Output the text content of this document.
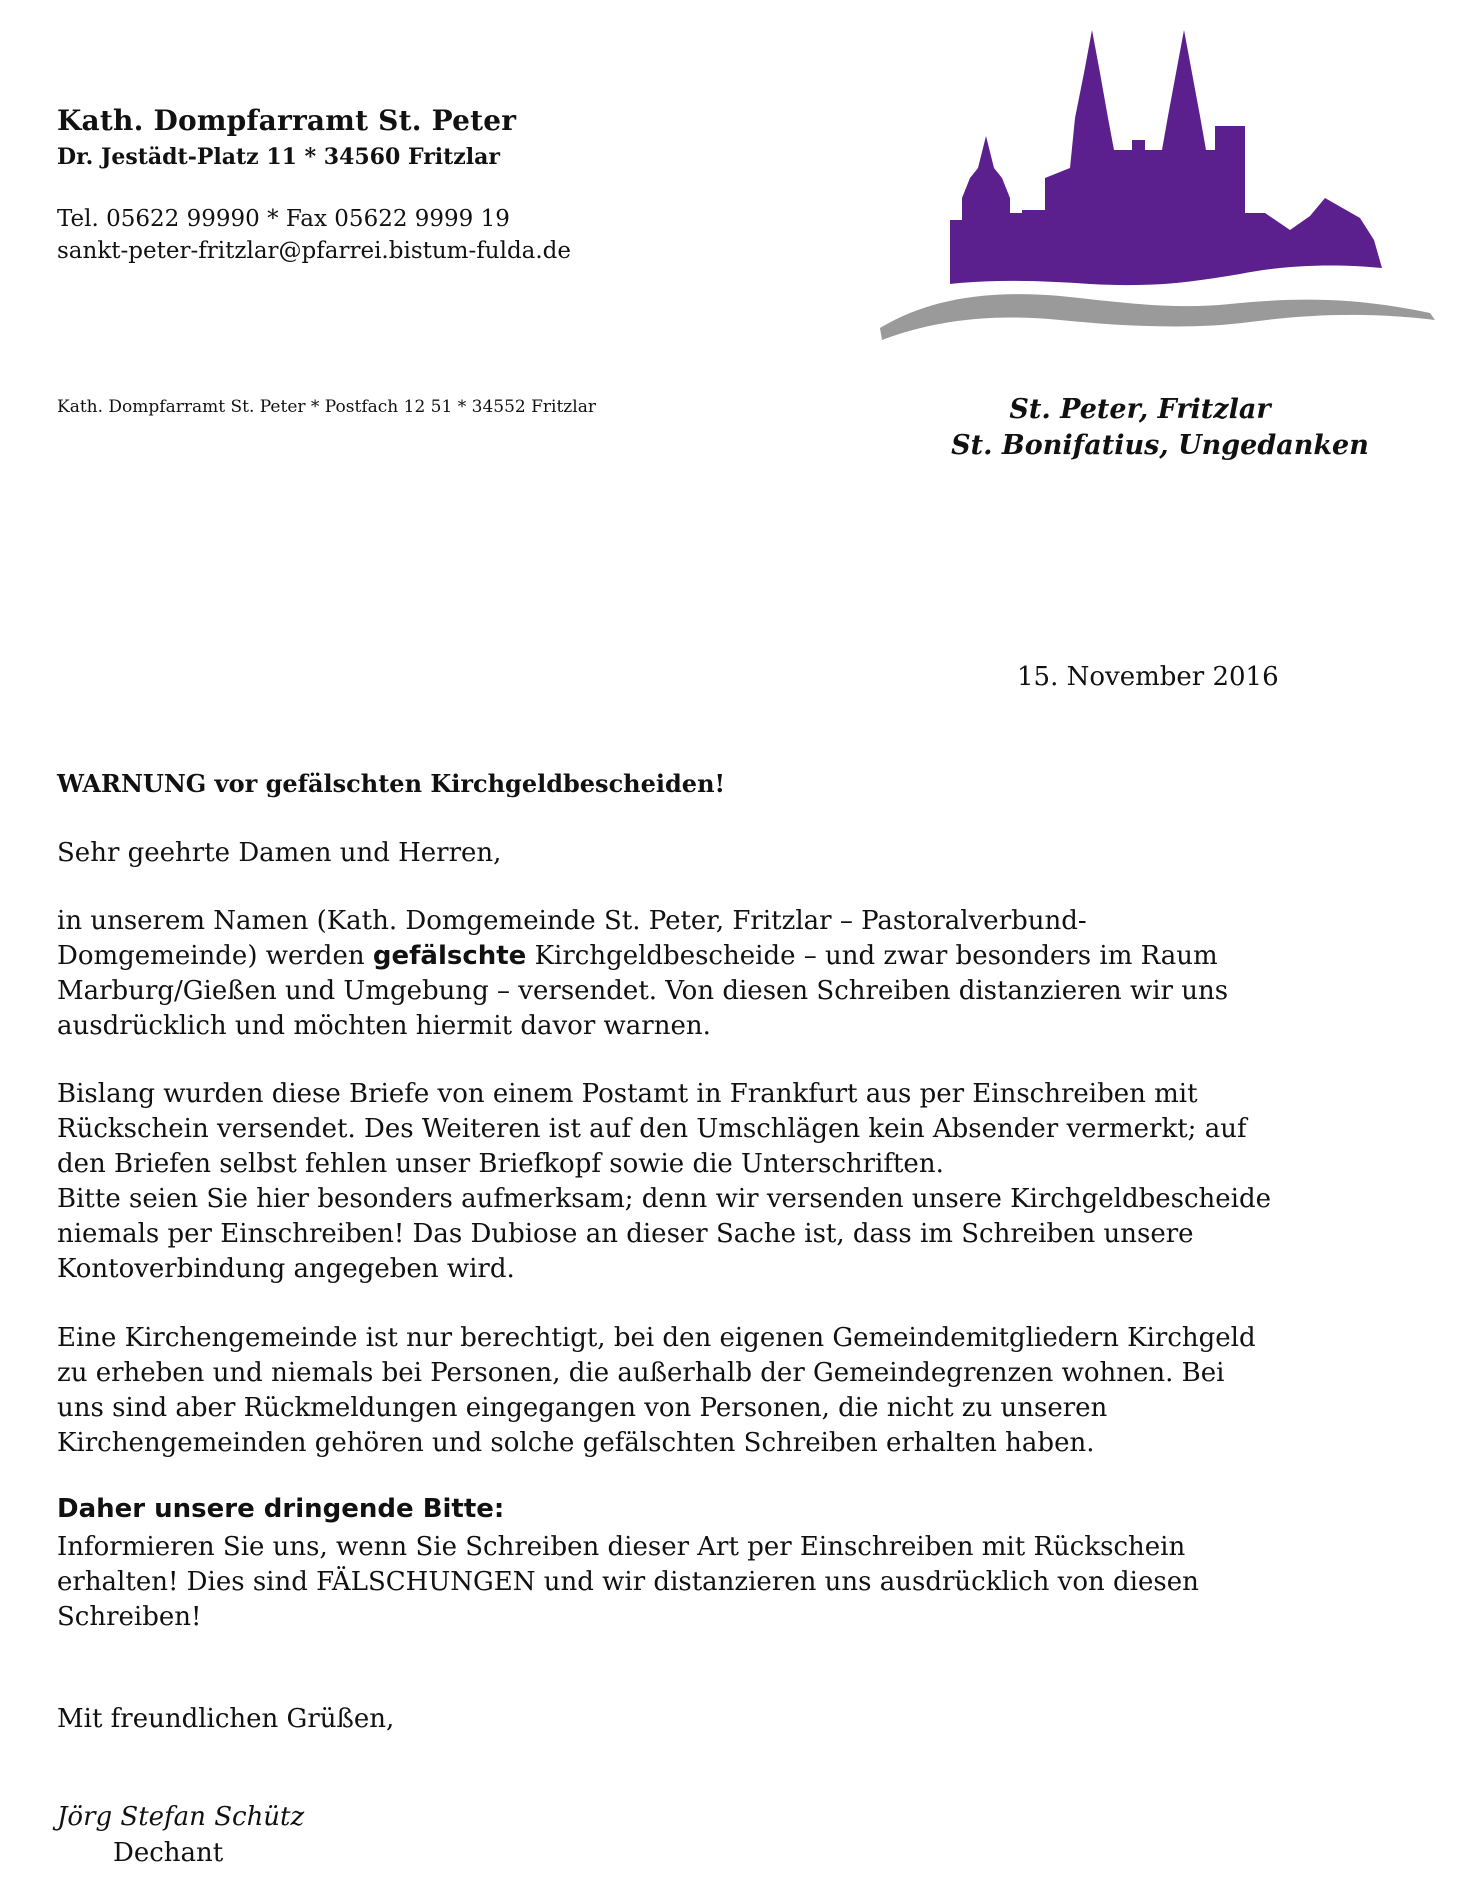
Kath. Dompfarramt St. Peter
Dr. Jestädt-Platz 11 * 34560 Fritzlar
Tel. 05622 99990 * Fax 05622 9999 19
sankt-peter-fritzlar@pfarrei.bistum-fulda.de
Kath. Dompfarramt St. Peter * Postfach 12 51 * 34552 Fritzlar	St. Peter, Fritzlar
St. Bonifatius, Ungedanken
15. November 2016
WARNUNG vor gefälschten Kirchgeldbescheiden!
Sehr geehrte Damen und Herren,
in unserem Namen (Kath. Domgemeinde St. Peter, Fritzlar – Pastoralverbund-
Domgemeinde) werden gefälschte Kirchgeldbescheide – und zwar besonders im Raum
Marburg/Gießen und Umgebung – versendet. Von diesen Schreiben distanzieren wir uns
ausdrücklich und möchten hiermit davor warnen.
Bislang wurden diese Briefe von einem Postamt in Frankfurt aus per Einschreiben mit
Rückschein versendet. Des Weiteren ist auf den Umschlägen kein Absender vermerkt; auf
den Briefen selbst fehlen unser Briefkopf sowie die Unterschriften.
Bitte seien Sie hier besonders aufmerksam; denn wir versenden unsere Kirchgeldbescheide
niemals per Einschreiben! Das Dubiose an dieser Sache ist, dass im Schreiben unsere
Kontoverbindung angegeben wird.
Eine Kirchengemeinde ist nur berechtigt, bei den eigenen Gemeindemitgliedern Kirchgeld
zu erheben und niemals bei Personen, die außerhalb der Gemeindegrenzen wohnen. Bei
uns sind aber Rückmeldungen eingegangen von Personen, die nicht zu unseren
Kirchengemeinden gehören und solche gefälschten Schreiben erhalten haben.
Daher unsere dringende Bitte:
Informieren Sie uns, wenn Sie Schreiben dieser Art per Einschreiben mit Rückschein
erhalten! Dies sind FÄLSCHUNGEN und wir distanzieren uns ausdrücklich von diesen
Schreiben!
Mit freundlichen Grüßen,
Jörg Stefan Schütz
Dechant
